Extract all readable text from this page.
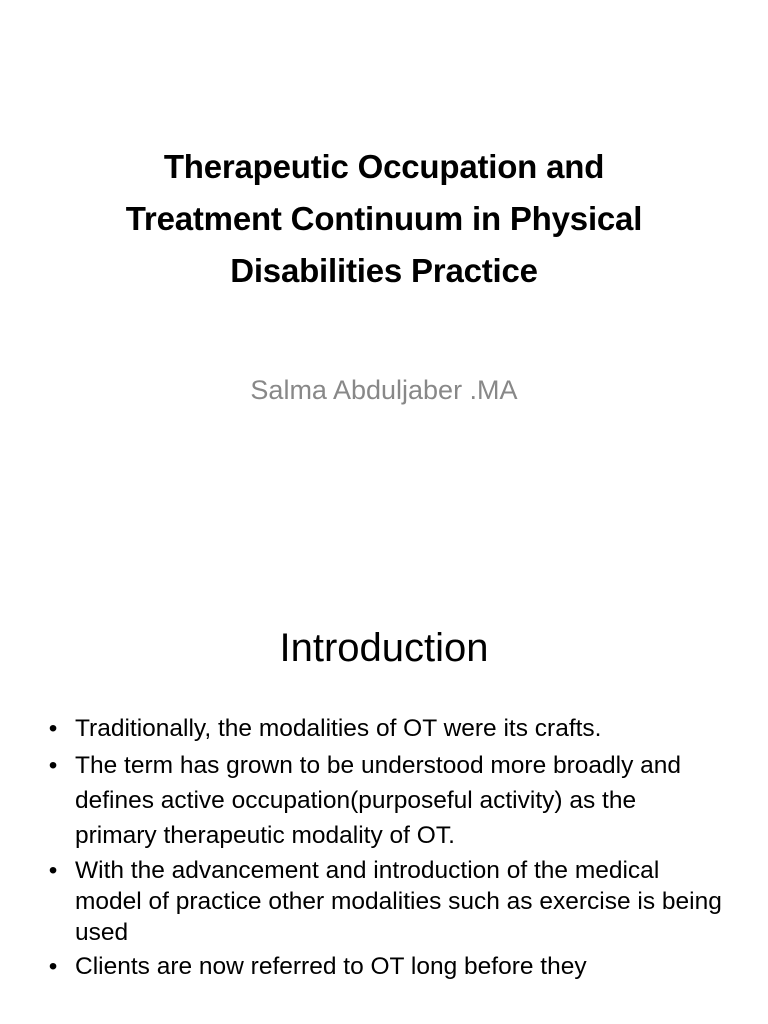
Therapeutic Occupation and
Treatment Continuum in Physical
Disabilities Practice

Salma Abduljaber .MA

Introduction
• Traditionally, the modalities of OT were its crafts.
• The term has grown to be understood more broadly and defines active occupation(purposeful activity) as the primary therapeutic modality of OT.
• With the advancement and introduction of the medical model of practice other modalities such as exercise is being used
• Clients are now referred to OT long before they
